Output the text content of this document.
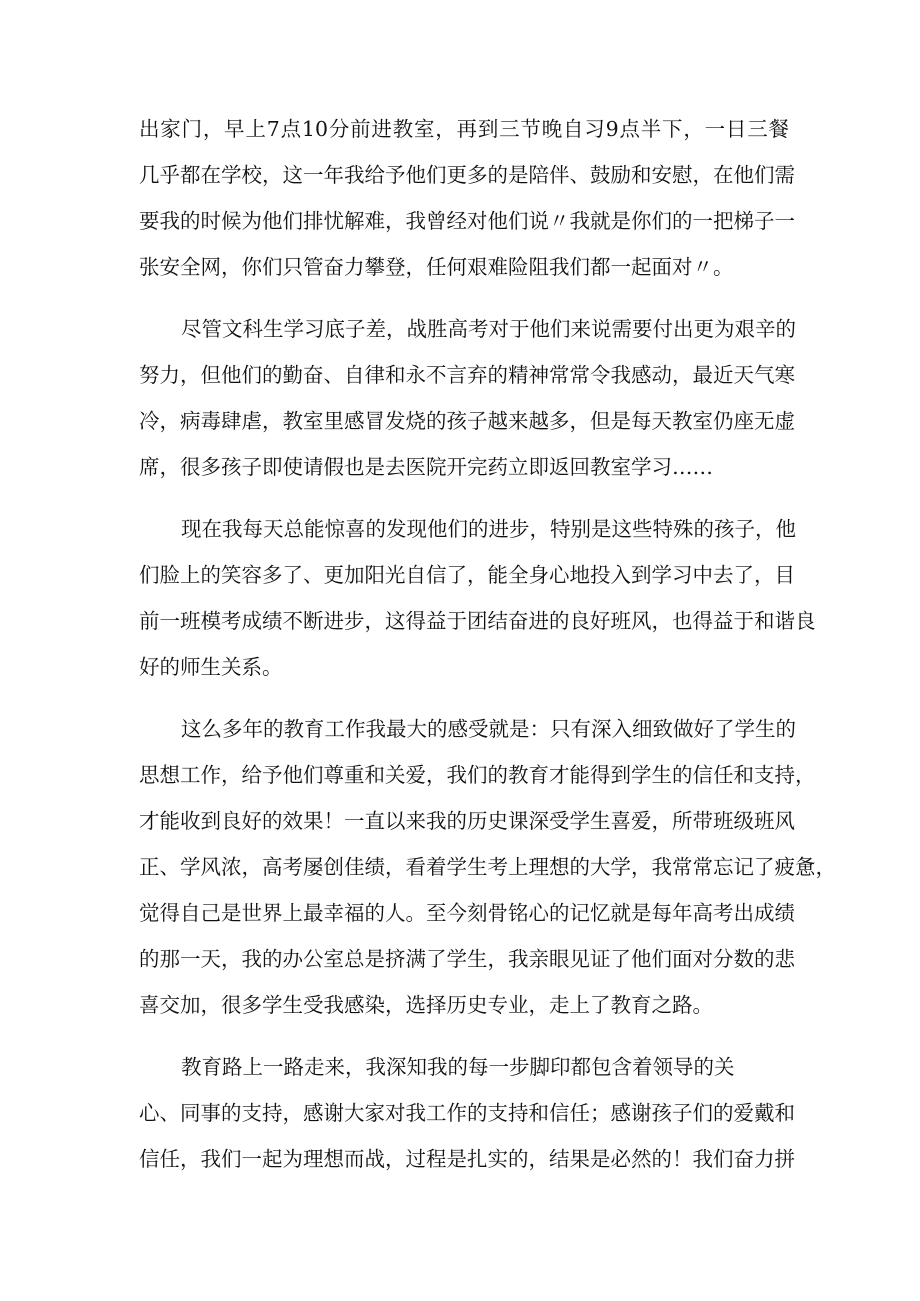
出家门，早上7点10分前进教室，再到三节晚自习9点半下，一日三餐
几乎都在学校，这一年我给予他们更多的是陪伴、鼓励和安慰，在他们需
要我的时候为他们排忧解难，我曾经对他们说〃我就是你们的一把梯子一
张安全网，你们只管奋力攀登，任何艰难险阻我们都一起面对〃。
尽管文科生学习底子差，战胜高考对于他们来说需要付出更为艰辛的
努力，但他们的勤奋、自律和永不言弃的精神常常令我感动，最近天气寒
冷，病毒肆虐，教室里感冒发烧的孩子越来越多，但是每天教室仍座无虚
席，很多孩子即使请假也是去医院开完药立即返回教室学习……
现在我每天总能惊喜的发现他们的进步，特别是这些特殊的孩子，他
们脸上的笑容多了、更加阳光自信了，能全身心地投入到学习中去了，目
前一班模考成绩不断进步，这得益于团结奋进的良好班风，也得益于和谐良
好的师生关系。
这么多年的教育工作我最大的感受就是：只有深入细致做好了学生的
思想工作，给予他们尊重和关爱，我们的教育才能得到学生的信任和支持，
才能收到良好的效果！一直以来我的历史课深受学生喜爱，所带班级班风
正、学风浓，高考屡创佳绩，看着学生考上理想的大学，我常常忘记了疲惫，
觉得自己是世界上最幸福的人。至今刻骨铭心的记忆就是每年高考出成绩
的那一天，我的办公室总是挤满了学生，我亲眼见证了他们面对分数的悲
喜交加，很多学生受我感染，选择历史专业，走上了教育之路。
教育路上一路走来，我深知我的每一步脚印都包含着领导的关
心、同事的支持，感谢大家对我工作的支持和信任；感谢孩子们的爱戴和
信任，我们一起为理想而战，过程是扎实的，结果是必然的！我们奋力拼
